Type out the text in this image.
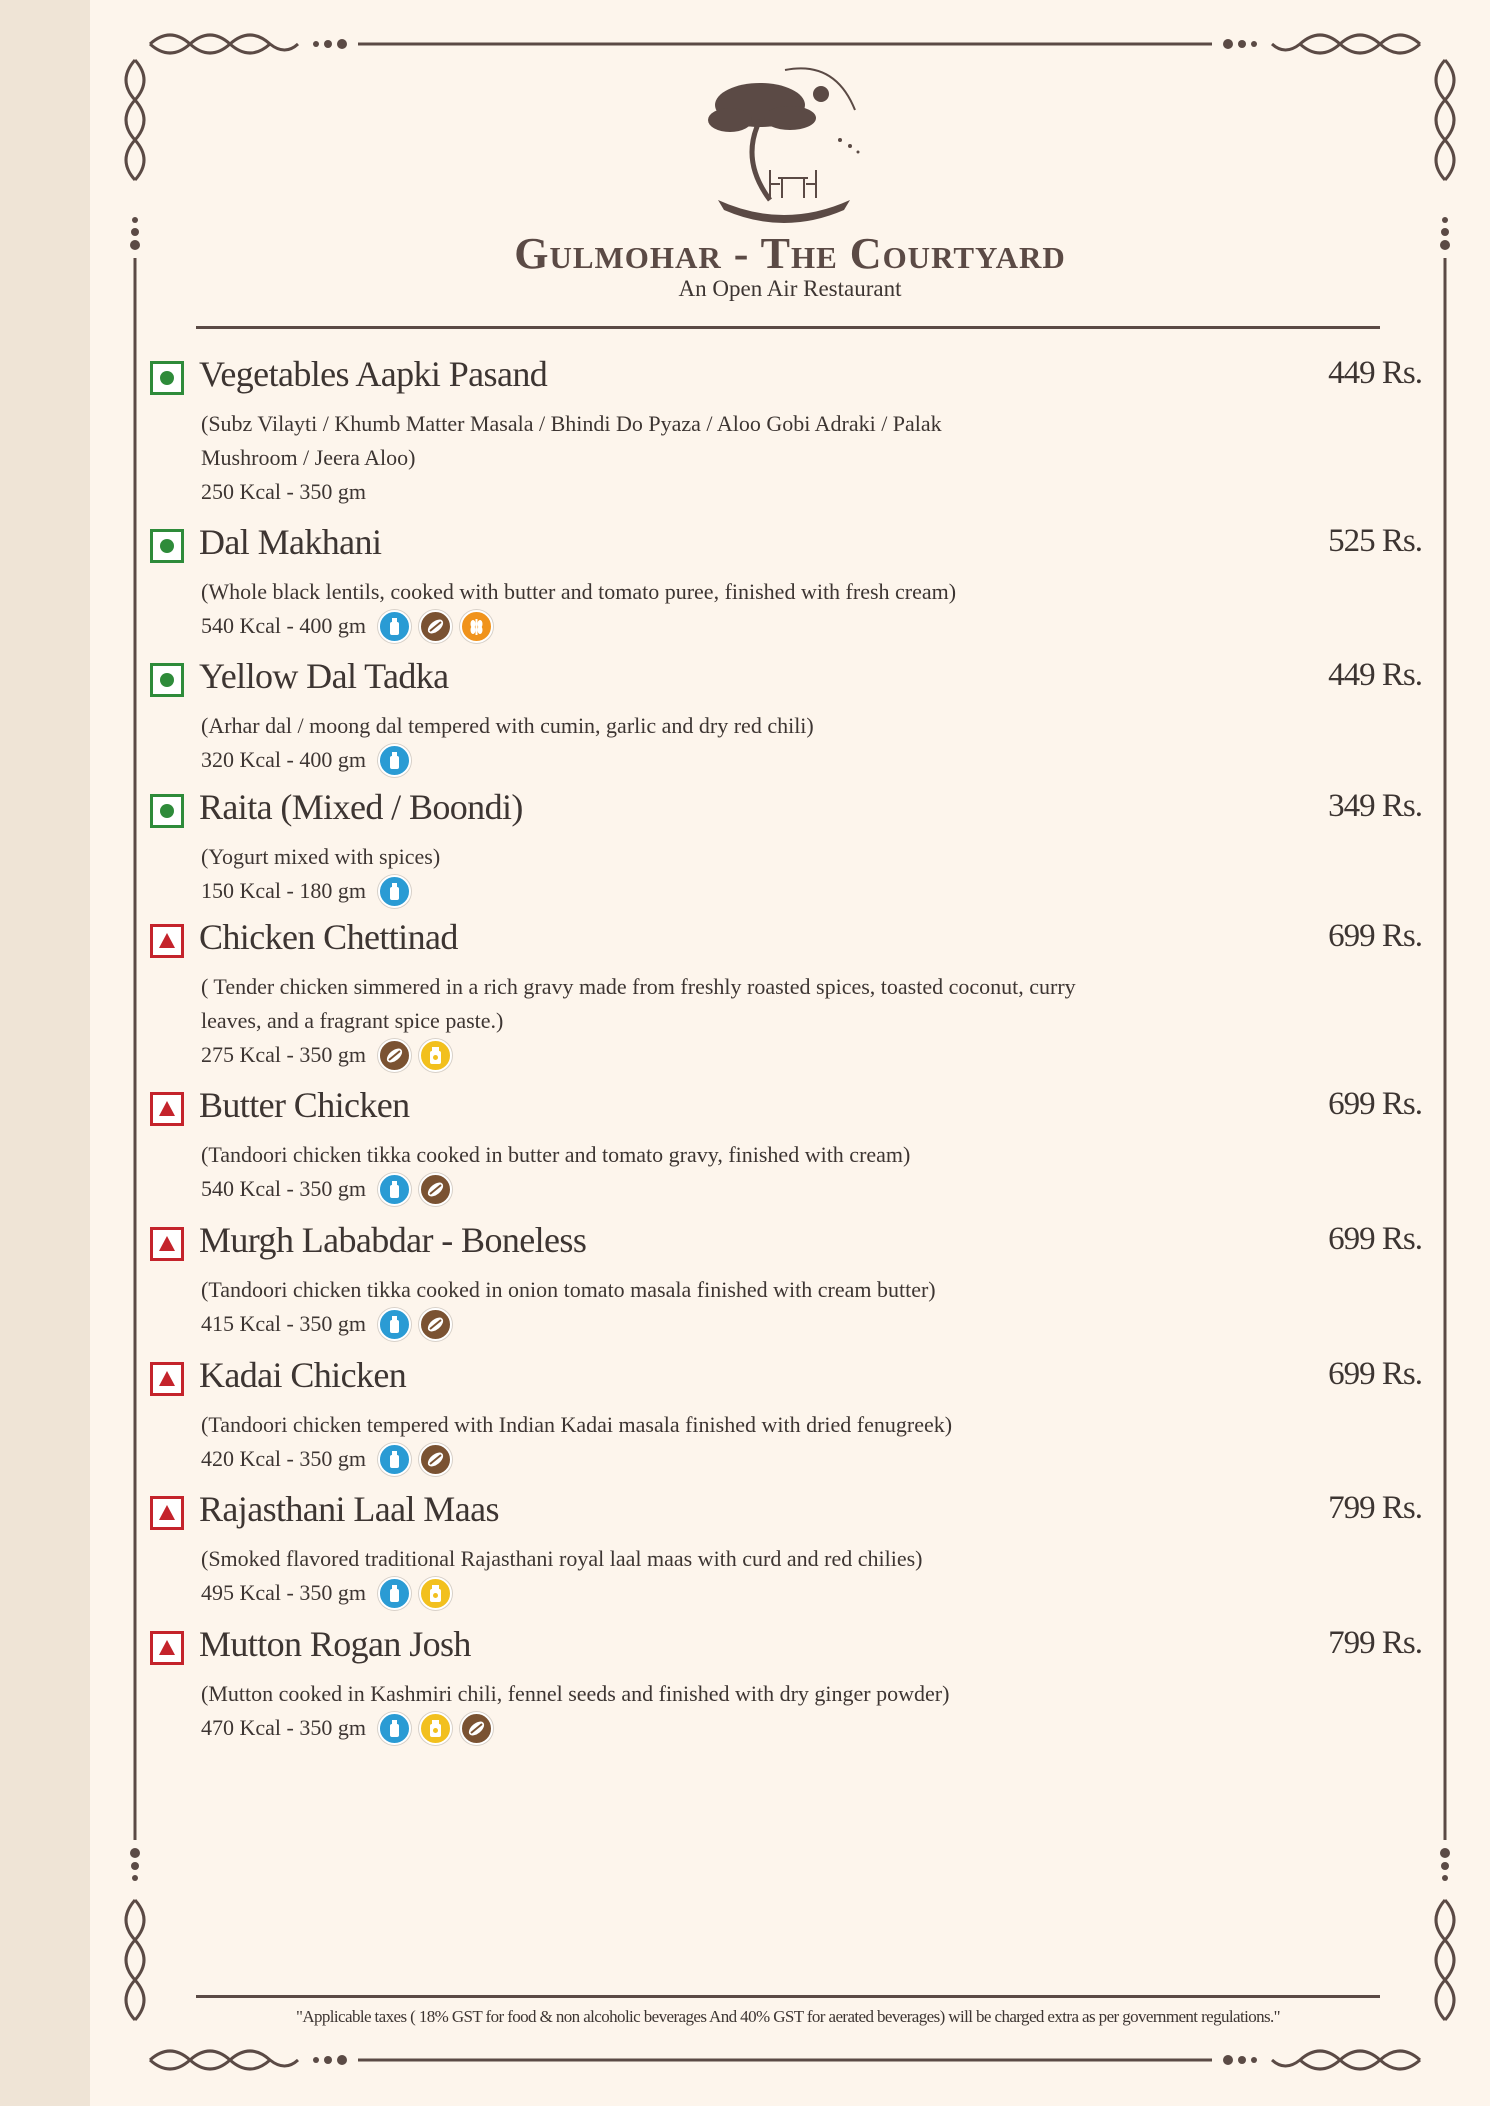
Gulmohar - The Courtyard
An Open Air Restaurant
Vegetables Aapki Pasand	449 Rs.
(Subz Vilayti / Khumb Matter Masala / Bhindi Do Pyaza / Aloo Gobi Adraki / Palak Mushroom / Jeera Aloo)
250 Kcal - 350 gm
Dal Makhani	525 Rs.
(Whole black lentils, cooked with butter and tomato puree, finished with fresh cream)
540 Kcal - 400 gm
Yellow Dal Tadka	449 Rs.
(Arhar dal / moong dal tempered with cumin, garlic and dry red chili)
320 Kcal - 400 gm
Raita (Mixed / Boondi)	349 Rs.
(Yogurt mixed with spices)
150 Kcal - 180 gm
Chicken Chettinad	699 Rs.
( Tender chicken simmered in a rich gravy made from freshly roasted spices, toasted coconut, curry leaves, and a fragrant spice paste.)
275 Kcal - 350 gm
Butter Chicken	699 Rs.
(Tandoori chicken tikka cooked in butter and tomato gravy, finished with cream)
540 Kcal - 350 gm
Murgh Lababdar - Boneless	699 Rs.
(Tandoori chicken tikka cooked in onion tomato masala finished with cream butter)
415 Kcal - 350 gm
Kadai Chicken	699 Rs.
(Tandoori chicken tempered with Indian Kadai masala finished with dried fenugreek)
420 Kcal - 350 gm
Rajasthani Laal Maas	799 Rs.
(Smoked flavored traditional Rajasthani royal laal maas with curd and red chilies)
495 Kcal - 350 gm
Mutton Rogan Josh	799 Rs.
(Mutton cooked in Kashmiri chili, fennel seeds and finished with dry ginger powder)
470 Kcal - 350 gm
"Applicable taxes ( 18% GST for food & non alcoholic beverages And 40% GST for aerated beverages) will be charged extra as per government regulations."
